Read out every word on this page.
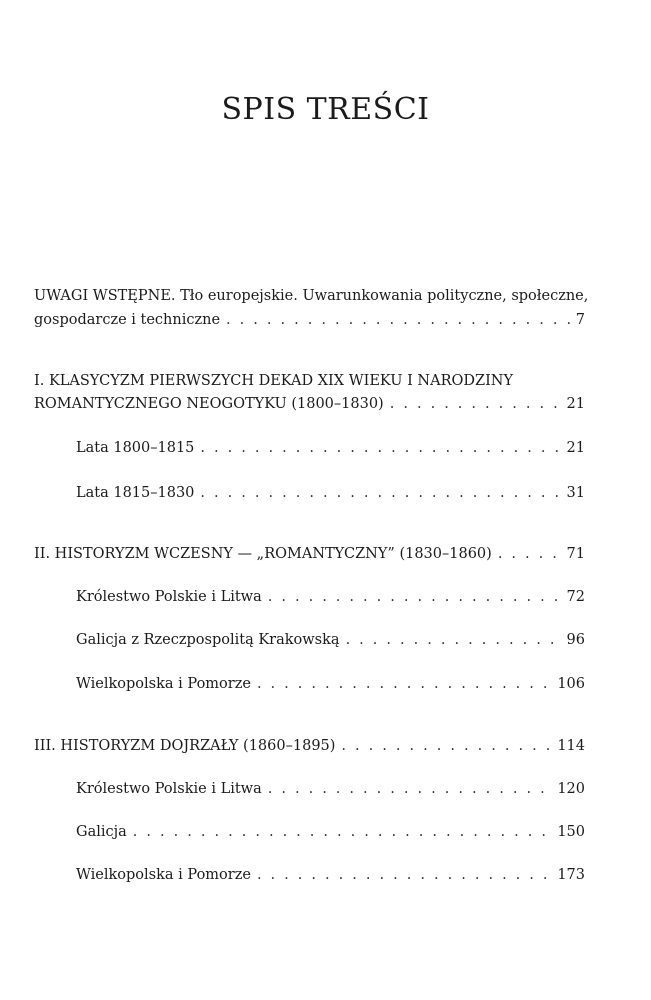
SPIS TREŚCI
UWAGI WSTĘPNE. Tło europejskie. Uwarunkowania polityczne, społeczne,
gospodarcze i techniczne . . .	7
I. KLASYCYZM PIERWSZYCH DEKAD XIX WIEKU I NARODZINY
ROMANTYCZNEGO NEOGOTYKU (1800–1830) . . .	21
Lata 1800–1815 . . .	21
Lata 1815–1830 . . .	31
II. HISTORYZM WCZESNY — „ROMANTYCZNY” (1830–1860) . . .	71
Królestwo Polskie i Litwa . . .	72
Galicja z Rzeczpospolitą Krakowską . . .	96
Wielkopolska i Pomorze . . .	106
III. HISTORYZM DOJRZAŁY (1860–1895) . . .	114
Królestwo Polskie i Litwa . . .	120
Galicja . . .	150
Wielkopolska i Pomorze . . .	173
